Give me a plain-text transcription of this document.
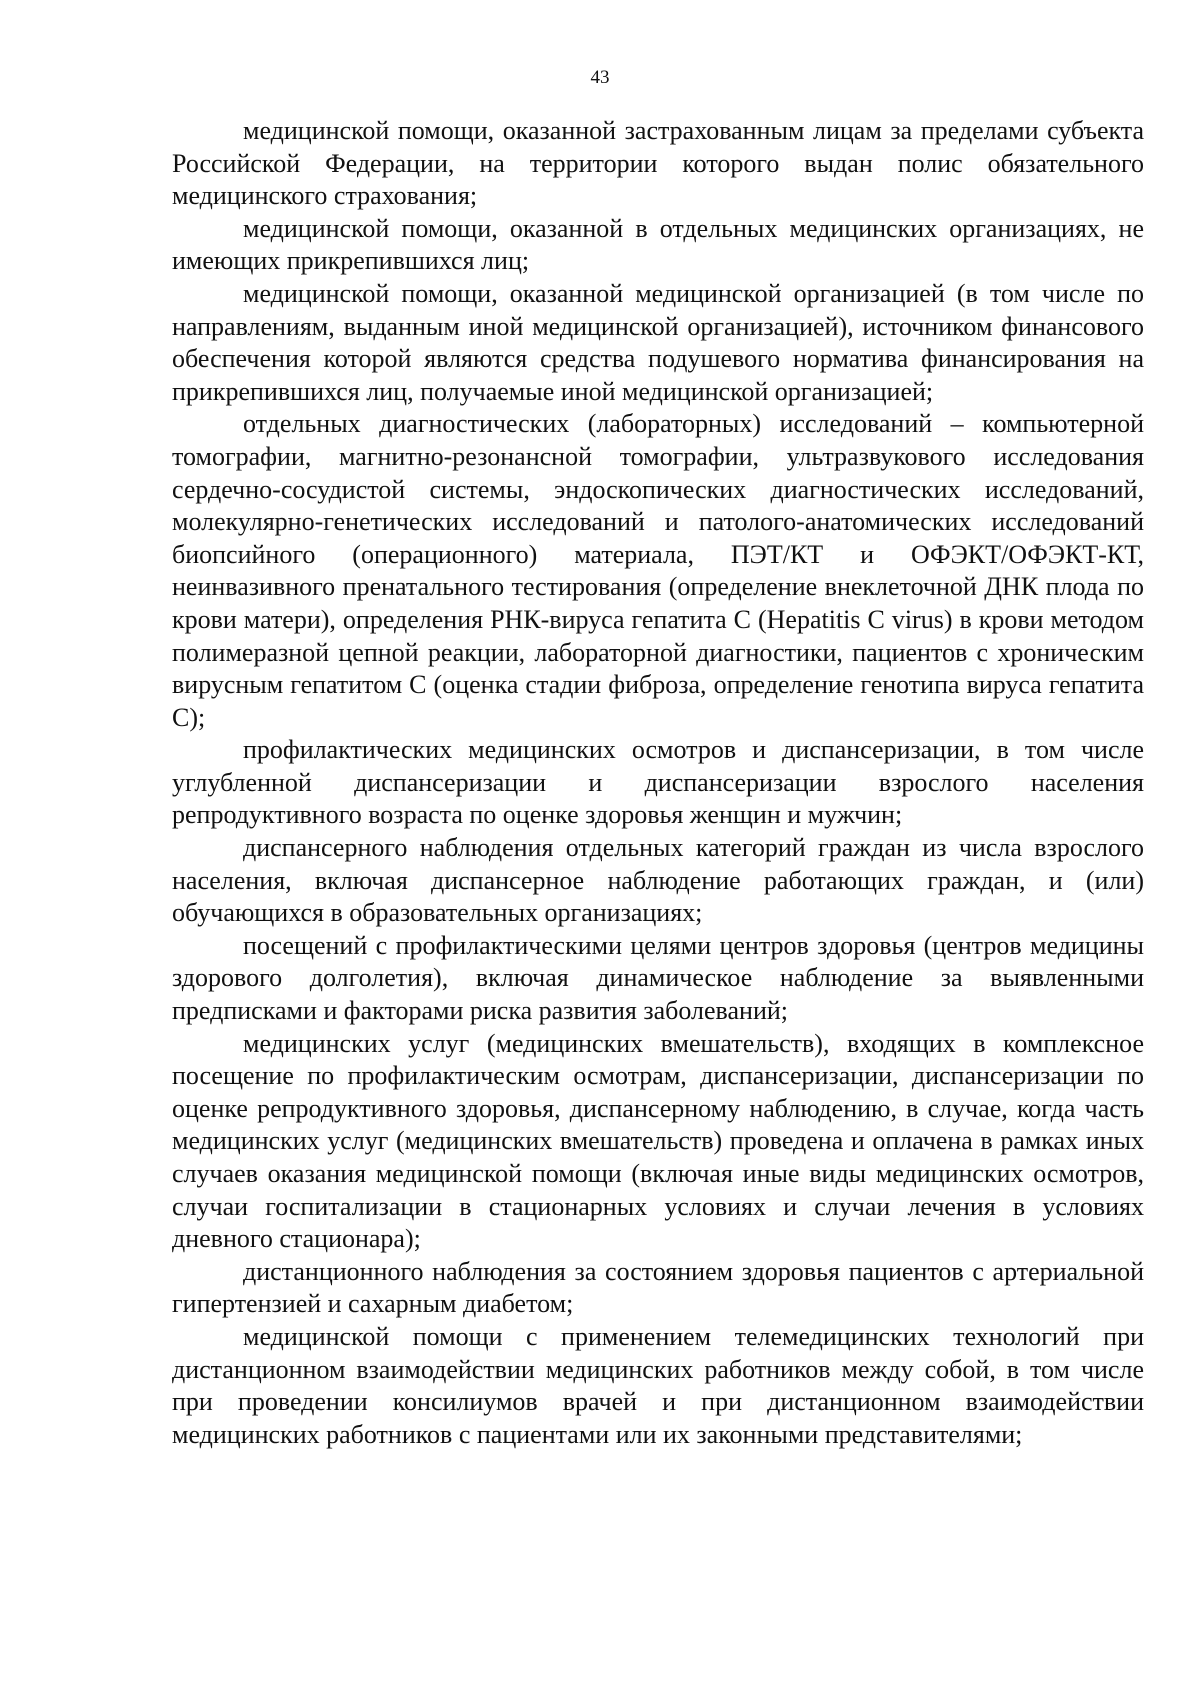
43

медицинской помощи, оказанной застрахованным лицам за пределами субъекта Российской Федерации, на территории которого выдан полис обязательного медицинского страхования;

медицинской помощи, оказанной в отдельных медицинских организациях, не имеющих прикрепившихся лиц;

медицинской помощи, оказанной медицинской организацией (в том числе по направлениям, выданным иной медицинской организацией), источником финансового обеспечения которой являются средства подушевого норматива финансирования на прикрепившихся лиц, получаемые иной медицинской организацией;

отдельных диагностических (лабораторных) исследований – компьютерной томографии, магнитно-резонансной томографии, ультразвукового исследования сердечно-сосудистой системы, эндоскопических диагностических исследований, молекулярно-генетических исследований и патолого-анатомических исследований биопсийного (операционного) материала, ПЭТ/КТ и ОФЭКТ/ОФЭКТ-КТ, неинвазивного пренатального тестирования (определение внеклеточной ДНК плода по крови матери), определения РНК-вируса гепатита С (Hepatitis C virus) в крови методом полимеразной цепной реакции, лабораторной диагностики, пациентов с хроническим вирусным гепатитом С (оценка стадии фиброза, определение генотипа вируса гепатита С);

профилактических медицинских осмотров и диспансеризации, в том числе углубленной диспансеризации и диспансеризации взрослого населения репродуктивного возраста по оценке здоровья женщин и мужчин;

диспансерного наблюдения отдельных категорий граждан из числа взрослого населения, включая диспансерное наблюдение работающих граждан, и (или) обучающихся в образовательных организациях;

посещений с профилактическими целями центров здоровья (центров медицины здорового долголетия), включая динамическое наблюдение за выявленными предписками и факторами риска развития заболеваний;

медицинских услуг (медицинских вмешательств), входящих в комплексное посещение по профилактическим осмотрам, диспансеризации, диспансеризации по оценке репродуктивного здоровья, диспансерному наблюдению, в случае, когда часть медицинских услуг (медицинских вмешательств) проведена и оплачена в рамках иных случаев оказания медицинской помощи (включая иные виды медицинских осмотров, случаи госпитализации в стационарных условиях и случаи лечения в условиях дневного стационара);

дистанционного наблюдения за состоянием здоровья пациентов с артериальной гипертензией и сахарным диабетом;

медицинской помощи с применением телемедицинских технологий при дистанционном взаимодействии медицинских работников между собой, в том числе при проведении консилиумов врачей и при дистанционном взаимодействии медицинских работников с пациентами или их законными представителями;
